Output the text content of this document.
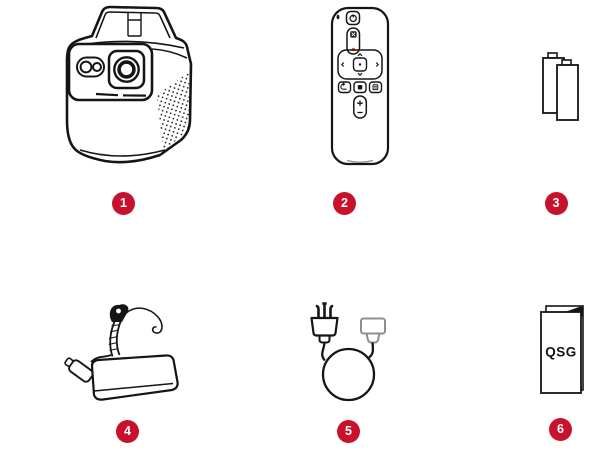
1	2	3
4	5
QSG
6
